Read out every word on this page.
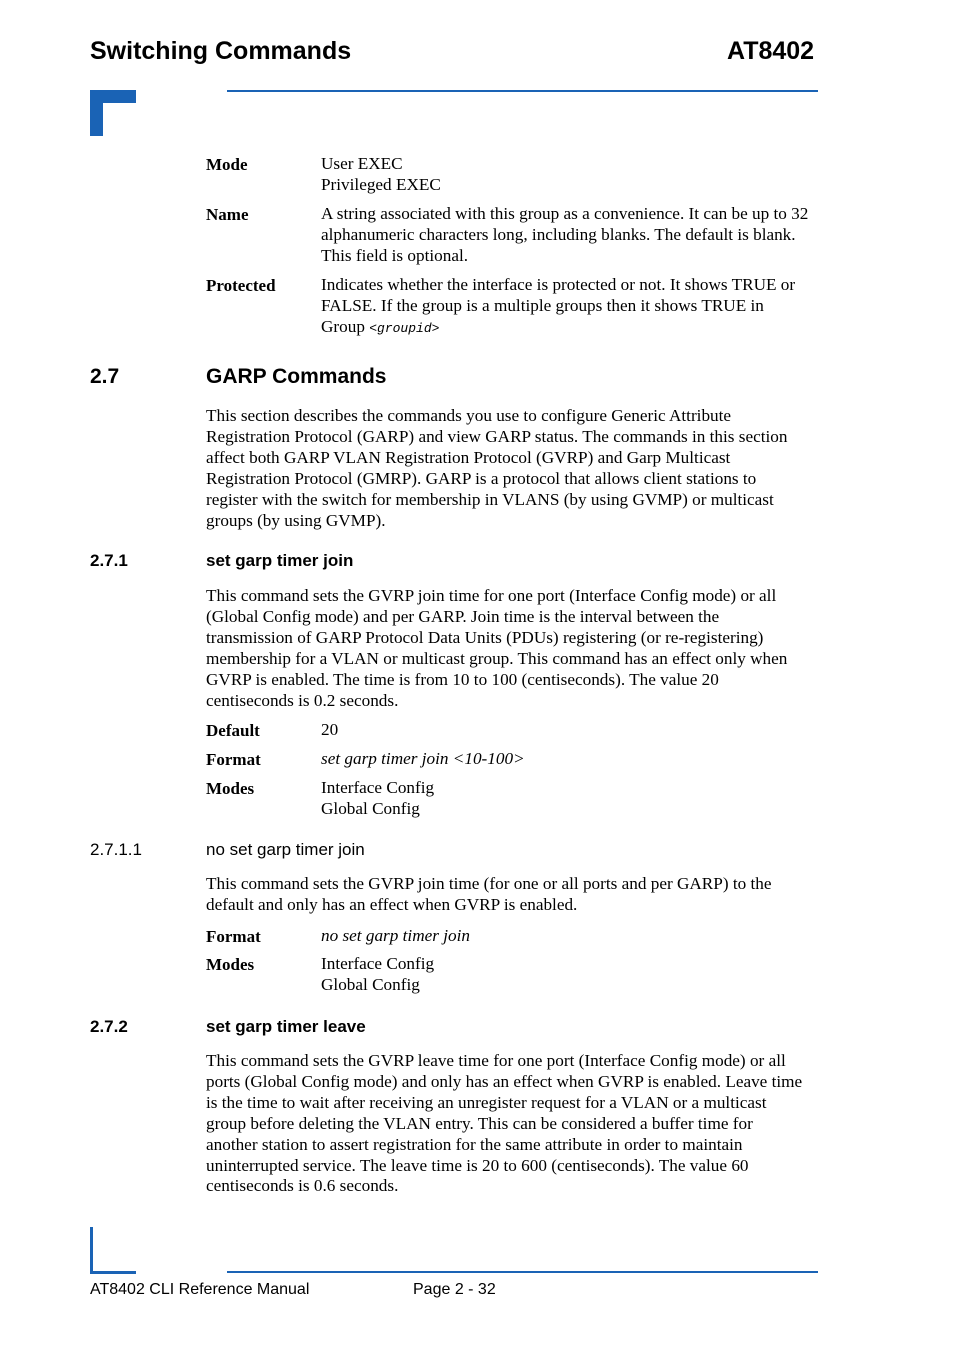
Switching Commands	AT8402
Mode	User EXEC
Privileged EXEC
Name	A string associated with this group as a convenience. It can be up to 32
alphanumeric characters long, including blanks. The default is blank.
This field is optional.
Protected	Indicates whether the interface is protected or not. It shows TRUE or
FALSE. If the group is a multiple groups then it shows TRUE in
Group <groupid>
2.7	GARP Commands
This section describes the commands you use to configure Generic Attribute
Registration Protocol (GARP) and view GARP status. The commands in this section
affect both GARP VLAN Registration Protocol (GVRP) and Garp Multicast
Registration Protocol (GMRP). GARP is a protocol that allows client stations to
register with the switch for membership in VLANS (by using GVMP) or multicast
groups (by using GVMP).
2.7.1	set garp timer join
This command sets the GVRP join time for one port (Interface Config mode) or all
(Global Config mode) and per GARP. Join time is the interval between the
transmission of GARP Protocol Data Units (PDUs) registering (or re-registering)
membership for a VLAN or multicast group. This command has an effect only when
GVRP is enabled. The time is from 10 to 100 (centiseconds). The value 20
centiseconds is 0.2 seconds.
Default	20
Format	set garp timer join <10-100>
Modes	Interface Config
Global Config
2.7.1.1	no set garp timer join
This command sets the GVRP join time (for one or all ports and per GARP) to the
default and only has an effect when GVRP is enabled.
Format	no set garp timer join
Modes	Interface Config
Global Config
2.7.2	set garp timer leave
This command sets the GVRP leave time for one port (Interface Config mode) or all
ports (Global Config mode) and only has an effect when GVRP is enabled. Leave time
is the time to wait after receiving an unregister request for a VLAN or a multicast
group before deleting the VLAN entry. This can be considered a buffer time for
another station to assert registration for the same attribute in order to maintain
uninterrupted service. The leave time is 20 to 600 (centiseconds). The value 60
centiseconds is 0.6 seconds.
AT8402 CLI Reference Manual	Page 2 - 32
